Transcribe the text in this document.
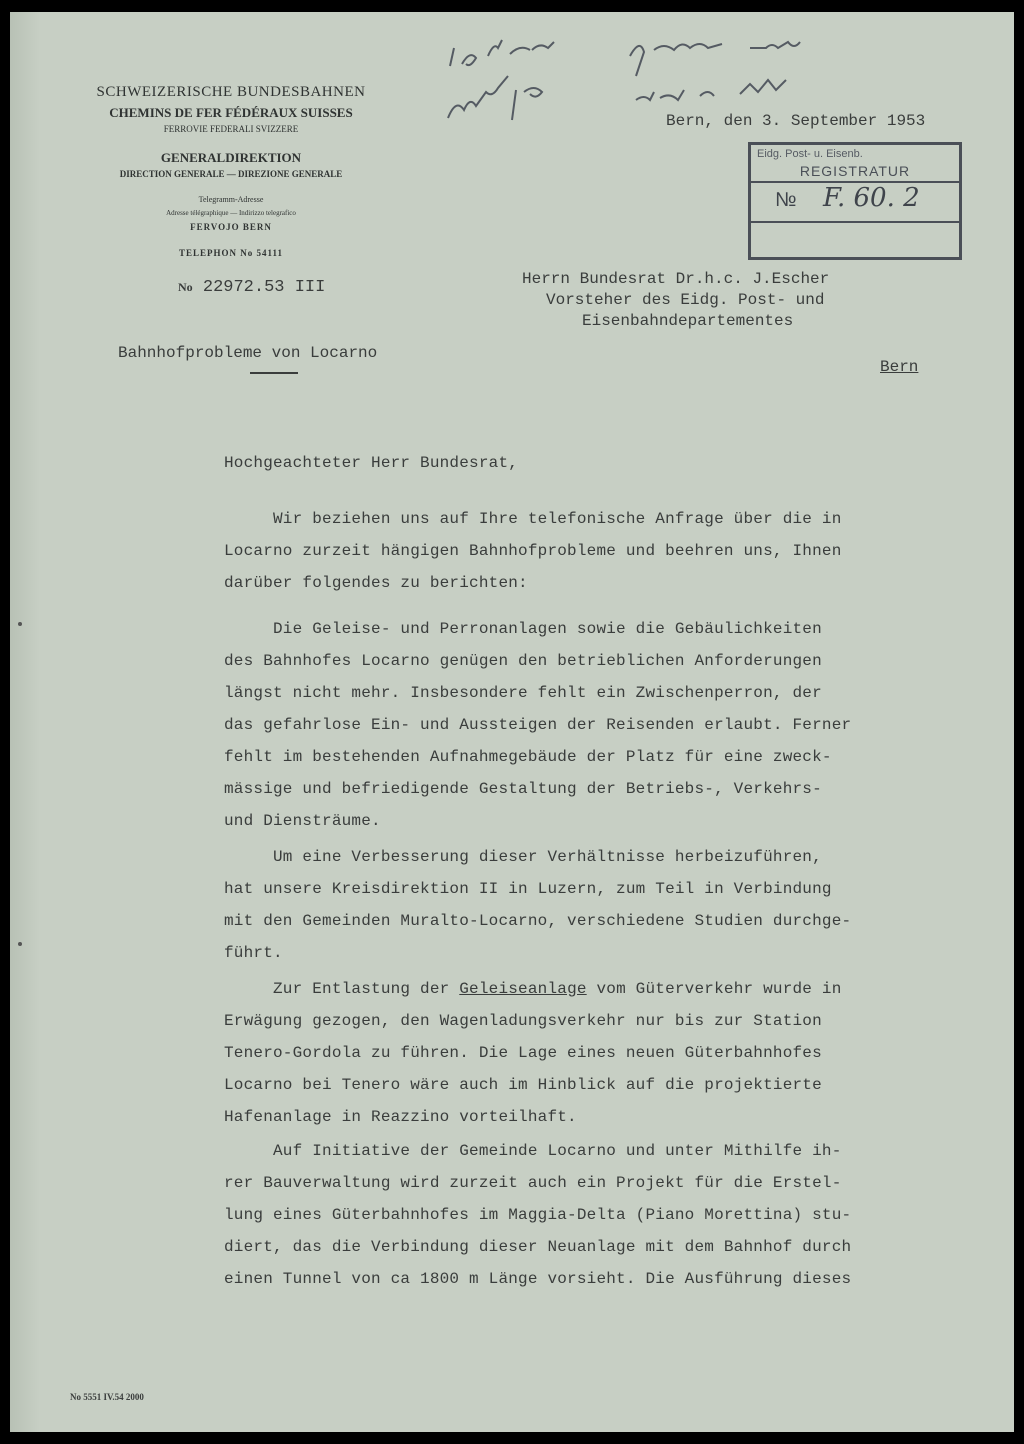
SCHWEIZERISCHE BUNDESBAHNEN
CHEMINS DE FER FÉDÉRAUX SUISSES
FERROVIE FEDERALI SVIZZERE
GENERALDIREKTION
DIRECTION GENERALE — DIREZIONE GENERALE
Telegramm-Adresse
Adresse télégraphique — Indirizzo telegrafico
FERVOJO BERN
TELEPHON No 54111
No 22972.53 III
Bahnhofprobleme von Locarno
14 of 15. Sept. Zu Juten …
Bern, den 3. September 1953
Eidg. Post- u. Eisenb.
REGISTRATUR
№ F. 60. 2
Herrn Bundesrat Dr.h.c. J.Escher
Vorsteher des Eidg. Post- und
Eisenbahndepartementes
Bern
Hochgeachteter Herr Bundesrat,
Wir beziehen uns auf Ihre telefonische Anfrage über die in
Locarno zurzeit hängigen Bahnhofprobleme und beehren uns, Ihnen
darüber folgendes zu berichten:
Die Geleise- und Perronanlagen sowie die Gebäulichkeiten
des Bahnhofes Locarno genügen den betrieblichen Anforderungen
längst nicht mehr. Insbesondere fehlt ein Zwischenperron, der
das gefahrlose Ein- und Aussteigen der Reisenden erlaubt. Ferner
fehlt im bestehenden Aufnahmegebäude der Platz für eine zweck-
mässige und befriedigende Gestaltung der Betriebs-, Verkehrs-
und Diensträume.
Um eine Verbesserung dieser Verhältnisse herbeizuführen,
hat unsere Kreisdirektion II in Luzern, zum Teil in Verbindung
mit den Gemeinden Muralto-Locarno, verschiedene Studien durchge-
führt.
Zur Entlastung der Geleiseanlage vom Güterverkehr wurde in
Erwägung gezogen, den Wagenladungsverkehr nur bis zur Station
Tenero-Gordola zu führen. Die Lage eines neuen Güterbahnhofes
Locarno bei Tenero wäre auch im Hinblick auf die projektierte
Hafenanlage in Reazzino vorteilhaft.
Auf Initiative der Gemeinde Locarno und unter Mithilfe ih-
rer Bauverwaltung wird zurzeit auch ein Projekt für die Erstel-
lung eines Güterbahnhofes im Maggia-Delta (Piano Morettina) stu-
diert, das die Verbindung dieser Neuanlage mit dem Bahnhof durch
einen Tunnel von ca 1800 m Länge vorsieht. Die Ausführung dieses
No 5551 IV.54 2000
